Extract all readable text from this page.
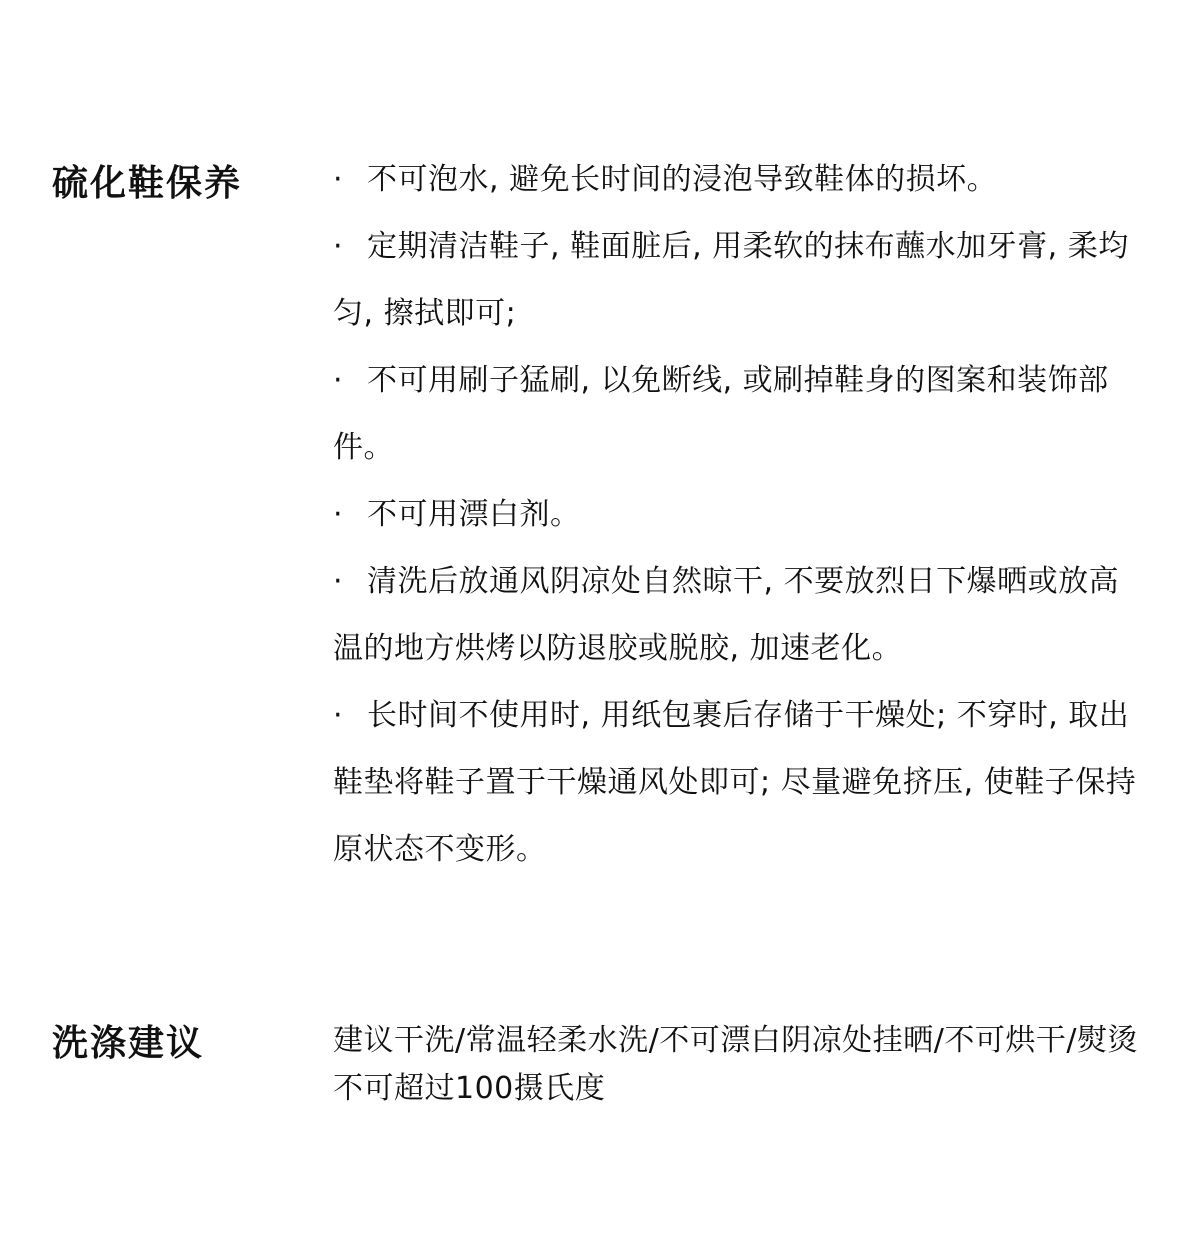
硫化鞋保养	· 不可泡水, 避免长时间的浸泡导致鞋体的损坏。
· 定期清洁鞋子, 鞋面脏后, 用柔软的抹布蘸水加牙膏, 柔均匀, 擦拭即可;
· 不可用刷子猛刷, 以免断线, 或刷掉鞋身的图案和装饰部件。
· 不可用漂白剂。
· 清洗后放通风阴凉处自然晾干, 不要放烈日下爆晒或放高温的地方烘烤以防退胶或脱胶, 加速老化。
· 长时间不使用时, 用纸包裹后存储于干燥处; 不穿时, 取出鞋垫将鞋子置于干燥通风处即可; 尽量避免挤压, 使鞋子保持原状态不变形。
洗涤建议	建议干洗/常温轻柔水洗/不可漂白阴凉处挂晒/不可烘干/熨烫不可超过100摄氏度
